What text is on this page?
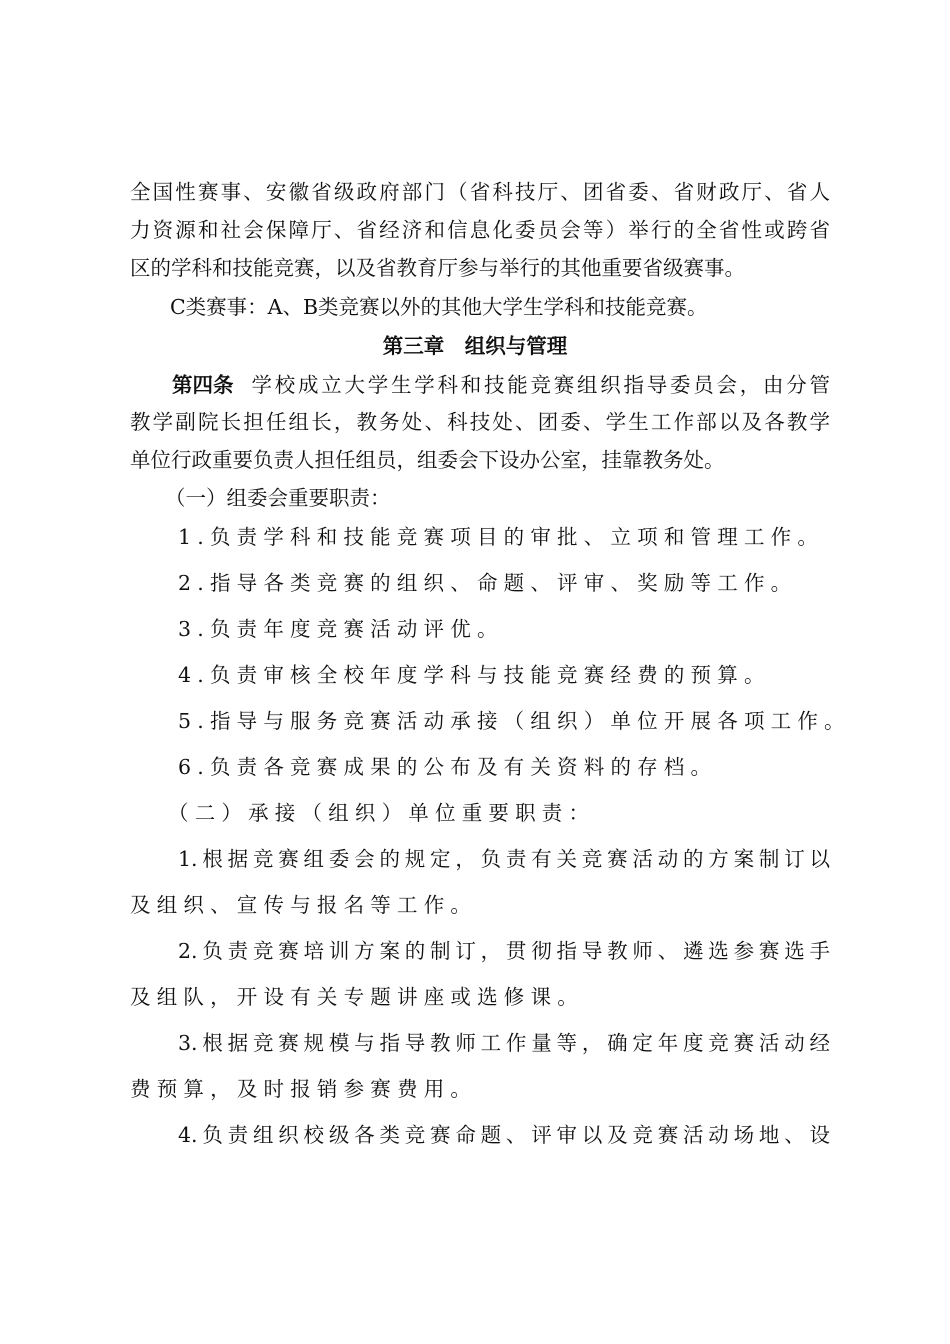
全国性赛事、安徽省级政府部门（省科技厅、团省委、省财政厅、省人
力资源和社会保障厅、省经济和信息化委员会等）举行的全省性或跨省
区的学科和技能竞赛，以及省教育厅参与举行的其他重要省级赛事。
C类赛事：A、B类竞赛以外的其他大学生学科和技能竞赛。
第三章　组织与管理
第四条 学校成立大学生学科和技能竞赛组织指导委员会，由分管
教学副院长担任组长，教务处、科技处、团委、学生工作部以及各教学
单位行政重要负责人担任组员，组委会下设办公室，挂靠教务处。
（一）组委会重要职责：
1.负责学科和技能竞赛项目的审批、立项和管理工作。
2.指导各类竞赛的组织、命题、评审、奖励等工作。
3.负责年度竞赛活动评优。
4.负责审核全校年度学科与技能竞赛经费的预算。
5.指导与服务竞赛活动承接（组织）单位开展各项工作。
6.负责各竞赛成果的公布及有关资料的存档。
（二）承接（组织）单位重要职责：
1.根据竞赛组委会的规定，负责有关竞赛活动的方案制订以
及组织、宣传与报名等工作。
2.负责竞赛培训方案的制订，贯彻指导教师、遴选参赛选手
及组队，开设有关专题讲座或选修课。
3.根据竞赛规模与指导教师工作量等，确定年度竞赛活动经
费预算，及时报销参赛费用。
4.负责组织校级各类竞赛命题、评审以及竞赛活动场地、设
